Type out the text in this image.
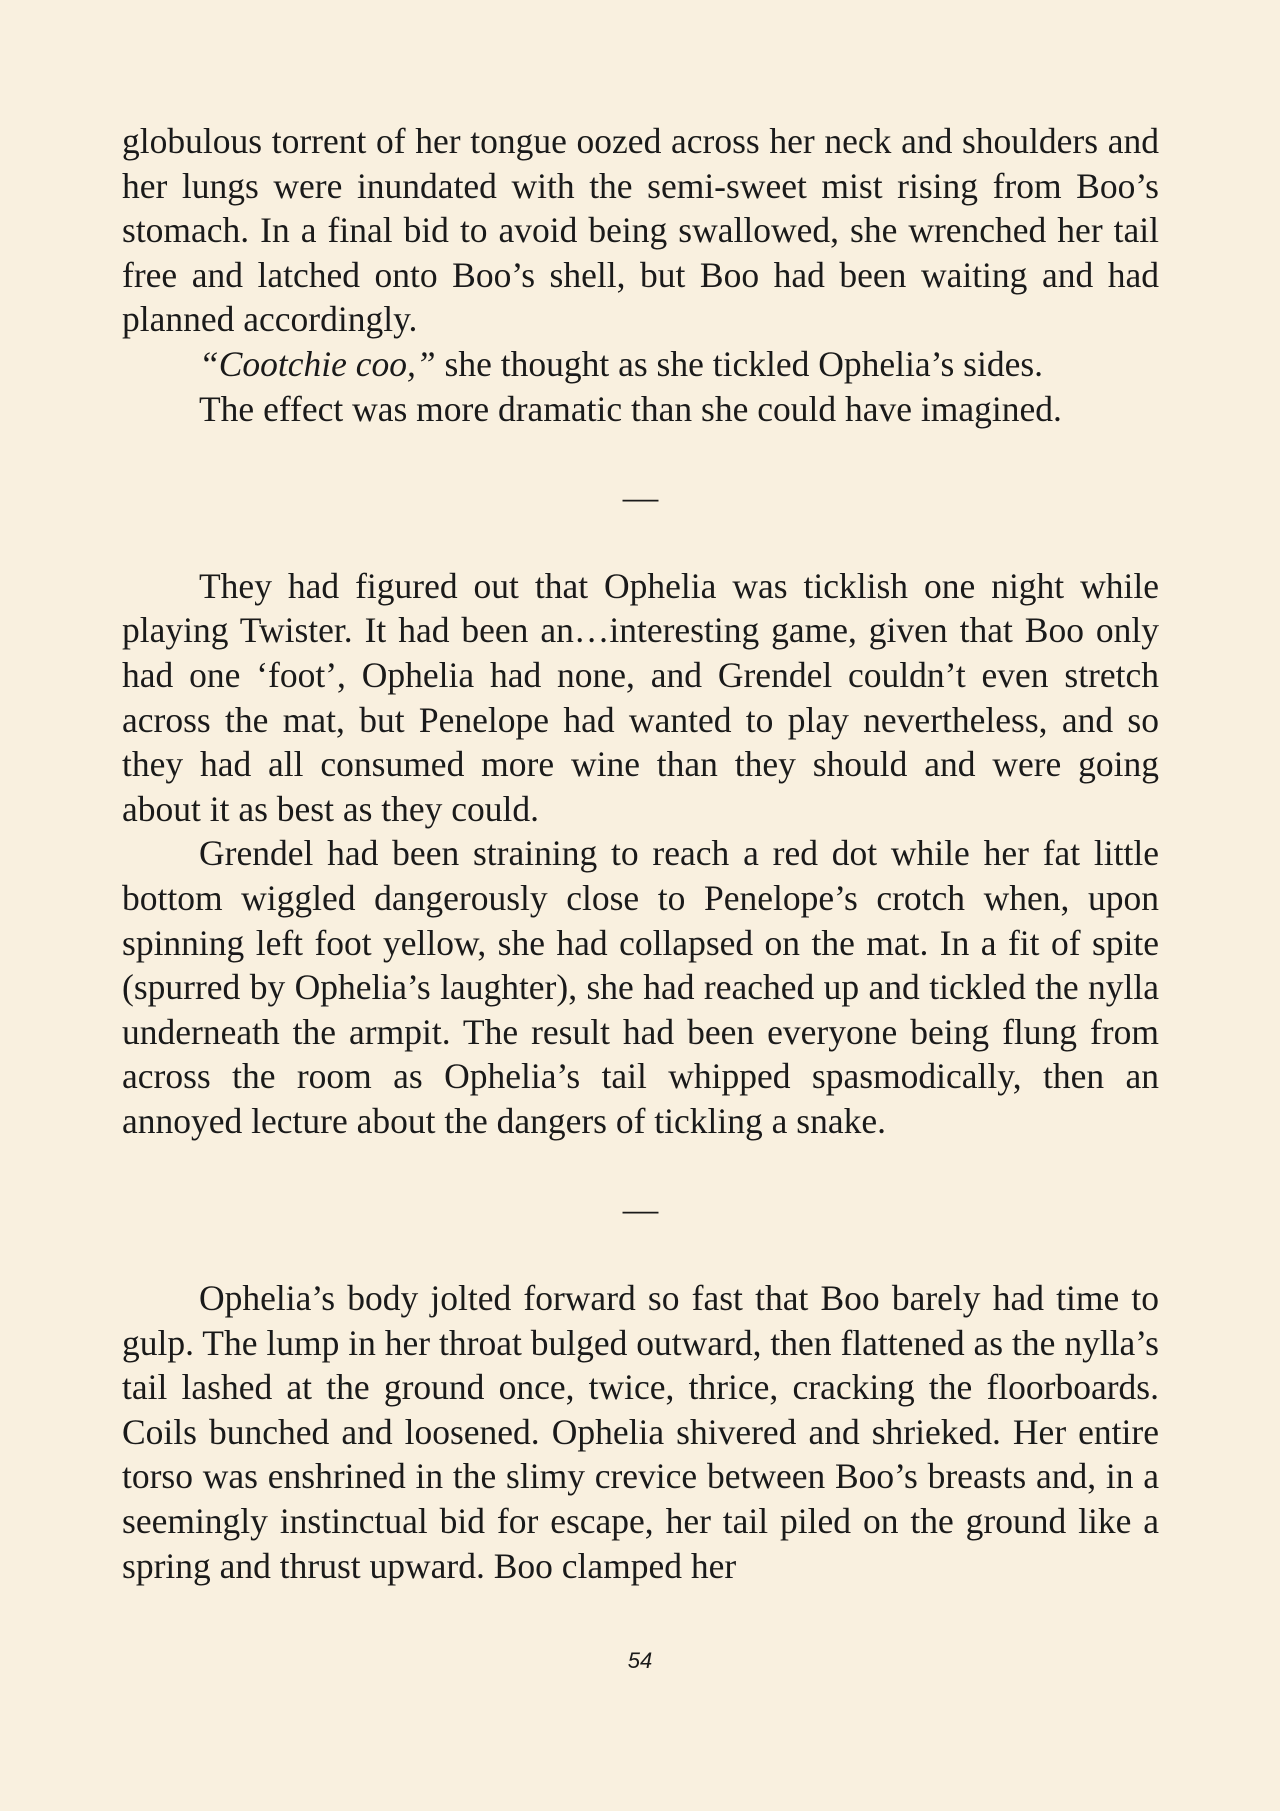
globulous torrent of her tongue oozed across her neck and shoulders and her lungs were inundated with the semi-sweet mist rising from Boo’s stomach. In a final bid to avoid being swallowed, she wrenched her tail free and latched onto Boo’s shell, but Boo had been waiting and had planned accordingly.

“Cootchie coo,” she thought as she tickled Ophelia’s sides.

The effect was more dramatic than she could have imagined.

—

They had figured out that Ophelia was ticklish one night while playing Twister. It had been an…interesting game, given that Boo only had one ‘foot’, Ophelia had none, and Grendel couldn’t even stretch across the mat, but Penelope had wanted to play nevertheless, and so they had all consumed more wine than they should and were going about it as best as they could.

Grendel had been straining to reach a red dot while her fat little bottom wiggled dangerously close to Penelope’s crotch when, upon spinning left foot yellow, she had collapsed on the mat. In a fit of spite (spurred by Ophelia’s laughter), she had reached up and tickled the nylla underneath the armpit. The result had been everyone being flung from across the room as Ophelia’s tail whipped spasmodically, then an annoyed lecture about the dangers of tickling a snake.

—

Ophelia’s body jolted forward so fast that Boo barely had time to gulp. The lump in her throat bulged outward, then flattened as the nylla’s tail lashed at the ground once, twice, thrice, cracking the floorboards. Coils bunched and loosened. Ophelia shivered and shrieked. Her entire torso was enshrined in the slimy crevice between Boo’s breasts and, in a seemingly instinctual bid for escape, her tail piled on the ground like a spring and thrust upward. Boo clamped her

54
